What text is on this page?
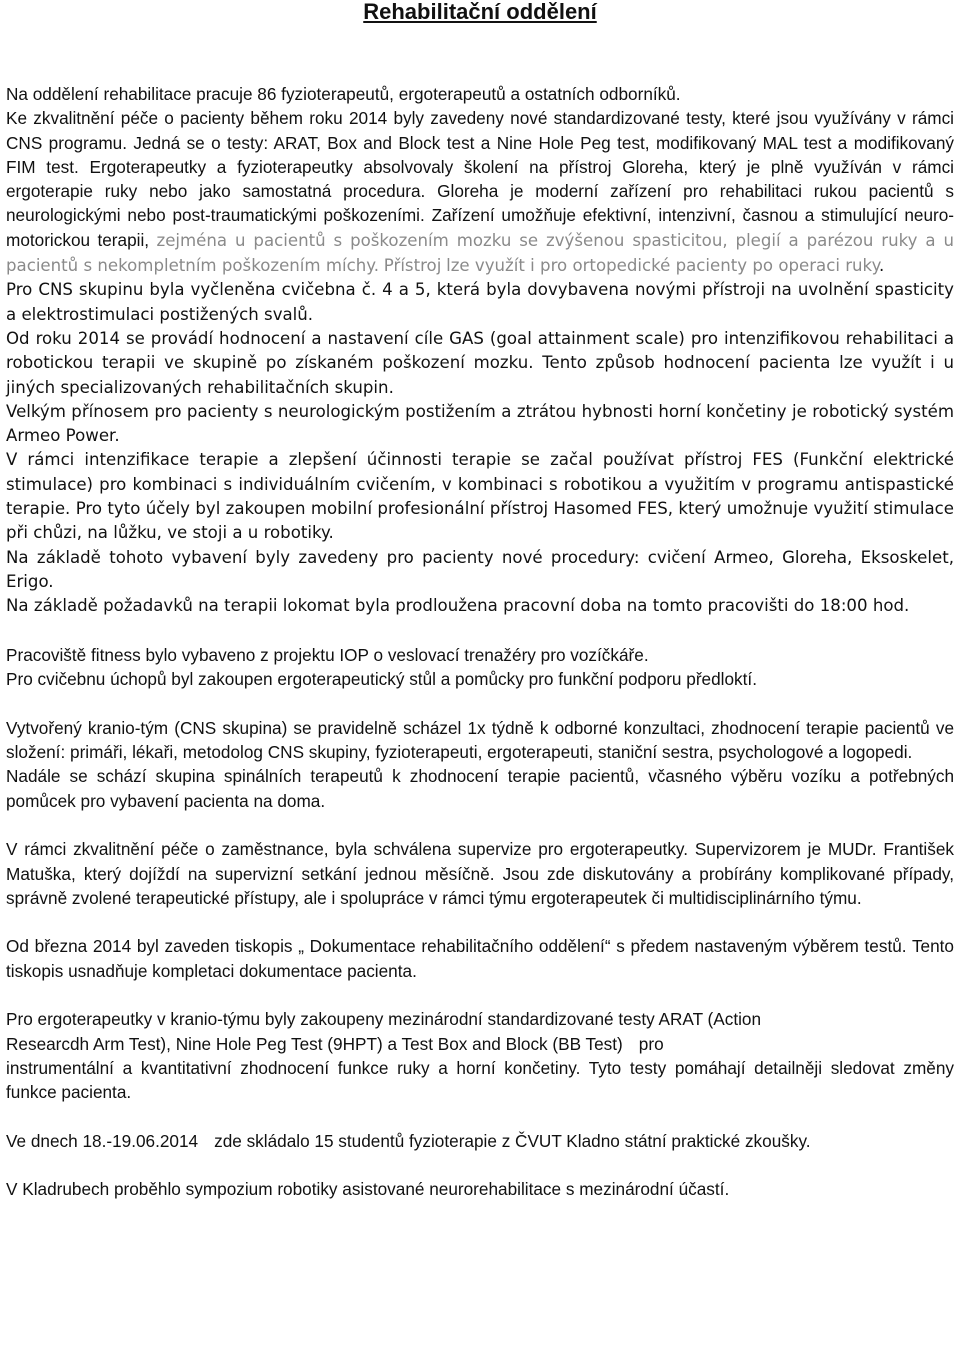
Rehabilitační oddělení

Na oddělení rehabilitace pracuje 86 fyzioterapeutů, ergoterapeutů a ostatních odborníků.
Ke zkvalitnění péče o pacienty během roku 2014 byly zavedeny nové standardizované testy, které jsou využívány v rámci CNS programu. Jedná se o testy: ARAT, Box and Block test a Nine Hole Peg test, modifikovaný MAL test a modifikovaný FIM test. Ergoterapeutky a fyzioterapeutky absolvovaly školení na přístroj Gloreha, který je plně využíván v rámci ergoterapie ruky nebo jako samostatná procedura. Gloreha je moderní zařízení pro rehabilitaci rukou pacientů s neurologickými nebo post-traumatickými poškozeními. Zařízení umožňuje efektivní, intenzivní, časnou a stimulující neuro-motorickou terapii, zejména u pacientů s poškozením mozku se zvýšenou spasticitou, plegií a parézou ruky a u pacientů s nekompletním poškozením míchy. Přístroj lze využít i pro ortopedické pacienty po operaci ruky.

Pro CNS skupinu byla vyčleněna cvičebna č. 4 a 5, která byla dovybavena novými přístroji na uvolnění spasticity a elektrostimulaci postižených svalů.

Od roku 2014 se provádí hodnocení a nastavení cíle GAS (goal attainment scale) pro intenzifikovou rehabilitaci a robotickou terapii ve skupině po získaném poškození mozku. Tento způsob hodnocení pacienta lze využít i u jiných specializovaných rehabilitačních skupin.

Velkým přínosem pro pacienty s neurologickým postižením a ztrátou hybnosti horní končetiny je robotický systém Armeo Power.

V rámci intenzifikace terapie a zlepšení účinnosti terapie se začal používat přístroj FES (Funkční elektrické stimulace) pro kombinaci s individuálním cvičením, v kombinaci s robotikou a využitím v programu antispastické terapie. Pro tyto účely byl zakoupen mobilní profesionální přístroj Hasomed FES, který umožnuje využití stimulace při chůzi, na lůžku, ve stoji a u robotiky.

Na základě tohoto vybavení byly zavedeny pro pacienty nové procedury: cvičení Armeo, Gloreha, Eksoskelet, Erigo.

Na základě požadavků na terapii lokomat byla prodloužena pracovní doba na tomto pracovišti do 18:00 hod.

Pracoviště fitness bylo vybaveno z projektu IOP o veslovací trenažéry pro vozíčkáře.

Pro cvičebnu úchopů byl zakoupen ergoterapeutický stůl a pomůcky pro funkční podporu předloktí.

Vytvořený kranio-tým (CNS skupina) se pravidelně scházel 1x týdně k odborné konzultaci, zhodnocení terapie pacientů ve složení: primáři, lékaři, metodolog CNS skupiny, fyzioterapeuti, ergoterapeuti, staniční sestra, psychologové a logopedi.

Nadále se schází skupina spinálních terapeutů k zhodnocení terapie pacientů, včasného výběru vozíku a potřebných pomůcek pro vybavení pacienta na doma.

V rámci zkvalitnění péče o zaměstnance, byla schválena supervize pro ergoterapeutky. Supervizorem je MUDr. František Matuška, který dojíždí na supervizní setkání jednou měsíčně. Jsou zde diskutovány a probírány komplikované případy, správně zvolené terapeutické přístupy, ale i spolupráce v rámci týmu ergoterapeutek či multidisciplinárního týmu.

Od března 2014 byl zaveden tiskopis „ Dokumentace rehabilitačního oddělení“ s předem nastaveným výběrem testů. Tento tiskopis usnadňuje kompletaci dokumentace pacienta.

Pro ergoterapeutky v kranio-týmu byly zakoupeny mezinárodní standardizované testy ARAT (Action
Researcdh Arm Test), Nine Hole Peg Test (9HPT) a Test Box and Block (BB Test) pro
instrumentální a kvantitativní zhodnocení funkce ruky a horní končetiny. Tyto testy pomáhají detailněji sledovat změny funkce pacienta.

Ve dnech 18.-19.06.2014 zde skládalo 15 studentů fyzioterapie z ČVUT Kladno státní praktické zkoušky.

V Kladrubech proběhlo sympozium robotiky asistované neurorehabilitace s mezinárodní účastí.
